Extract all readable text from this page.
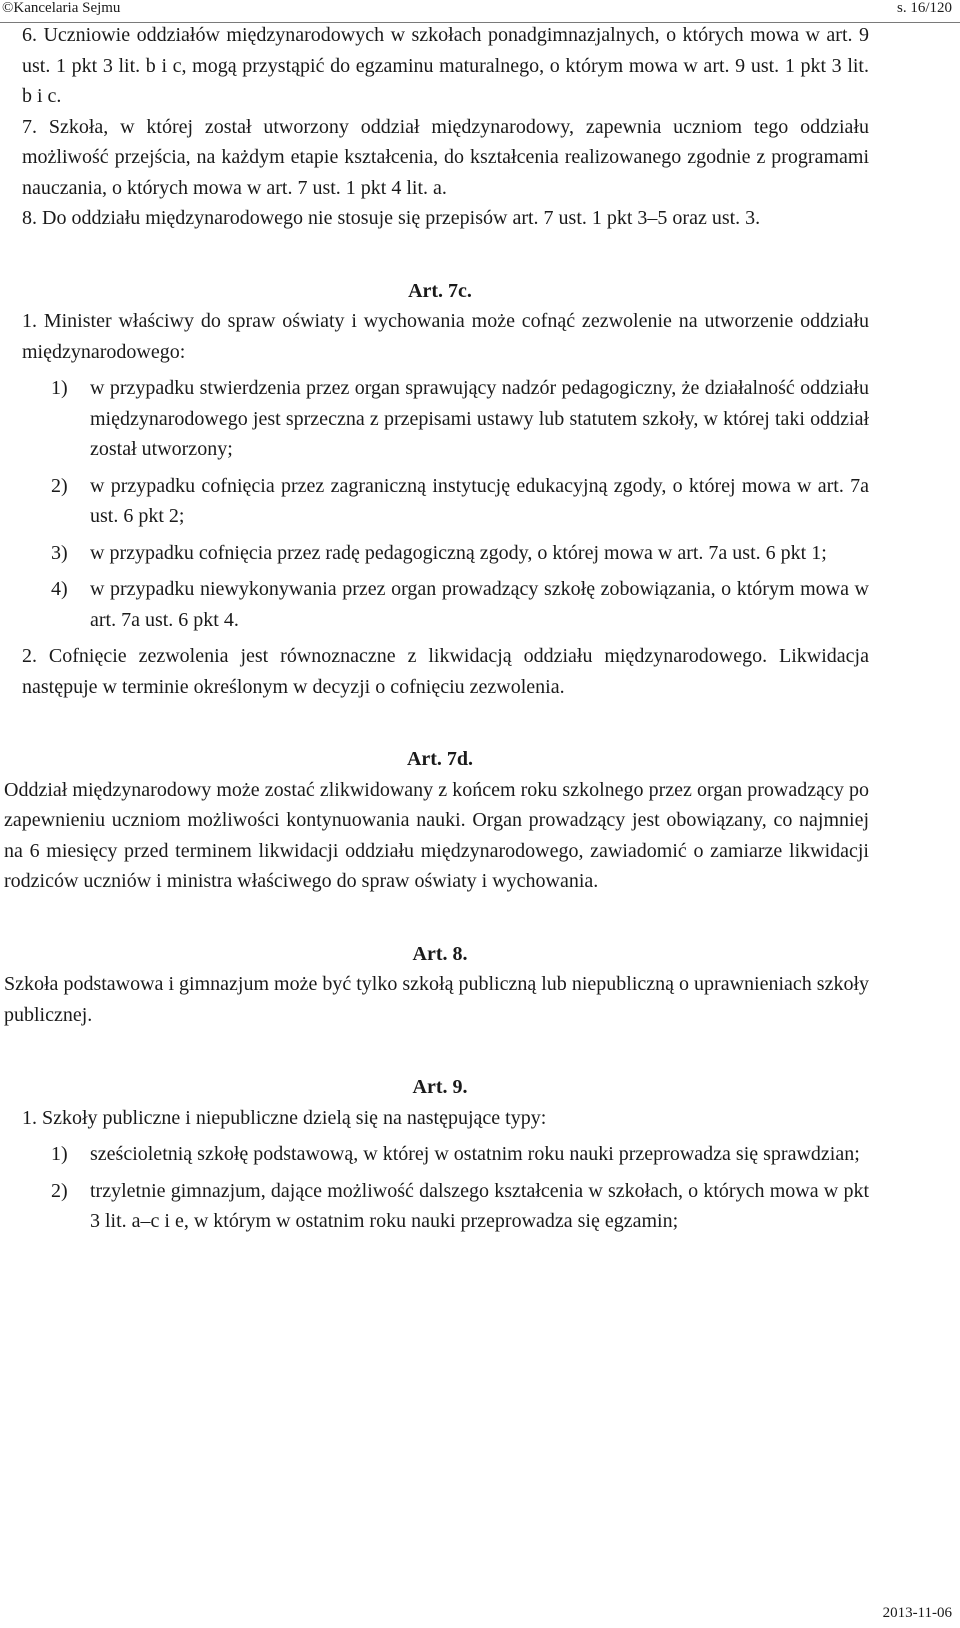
©Kancelaria Sejmu	s. 16/120

6. Uczniowie oddziałów międzynarodowych w szkołach ponadgimnazjalnych, o których mowa w art. 9 ust. 1 pkt 3 lit. b i c, mogą przystąpić do egzaminu maturalnego, o którym mowa w art. 9 ust. 1 pkt 3 lit. b i c.

7. Szkoła, w której został utworzony oddział międzynarodowy, zapewnia uczniom tego oddziału możliwość przejścia, na każdym etapie kształcenia, do kształcenia realizowanego zgodnie z programami nauczania, o których mowa w art. 7 ust. 1 pkt 4 lit. a.

8. Do oddziału międzynarodowego nie stosuje się przepisów art. 7 ust. 1 pkt 3–5 oraz ust. 3.

Art. 7c.

1. Minister właściwy do spraw oświaty i wychowania może cofnąć zezwolenie na utworzenie oddziału międzynarodowego:

1) w przypadku stwierdzenia przez organ sprawujący nadzór pedagogiczny, że działalność oddziału międzynarodowego jest sprzeczna z przepisami ustawy lub statutem szkoły, w której taki oddział został utworzony;
2) w przypadku cofnięcia przez zagraniczną instytucję edukacyjną zgody, o której mowa w art. 7a ust. 6 pkt 2;
3) w przypadku cofnięcia przez radę pedagogiczną zgody, o której mowa w art. 7a ust. 6 pkt 1;
4) w przypadku niewykonywania przez organ prowadzący szkołę zobowiązania, o którym mowa w art. 7a ust. 6 pkt 4.

2. Cofnięcie zezwolenia jest równoznaczne z likwidacją oddziału międzynarodowego. Likwidacja następuje w terminie określonym w decyzji o cofnięciu zezwolenia.

Art. 7d.

Oddział międzynarodowy może zostać zlikwidowany z końcem roku szkolnego przez organ prowadzący po zapewnieniu uczniom możliwości kontynuowania nauki. Organ prowadzący jest obowiązany, co najmniej na 6 miesięcy przed terminem likwidacji oddziału międzynarodowego, zawiadomić o zamiarze likwidacji rodziców uczniów i ministra właściwego do spraw oświaty i wychowania.

Art. 8.

Szkoła podstawowa i gimnazjum może być tylko szkołą publiczną lub niepubliczną o uprawnieniach szkoły publicznej.

Art. 9.

1. Szkoły publiczne i niepubliczne dzielą się na następujące typy:

1) sześcioletnią szkołę podstawową, w której w ostatnim roku nauki przeprowadza się sprawdzian;
2) trzyletnie gimnazjum, dające możliwość dalszego kształcenia w szkołach, o których mowa w pkt 3 lit. a–c i e, w którym w ostatnim roku nauki przeprowadza się egzamin;
2013-11-06
